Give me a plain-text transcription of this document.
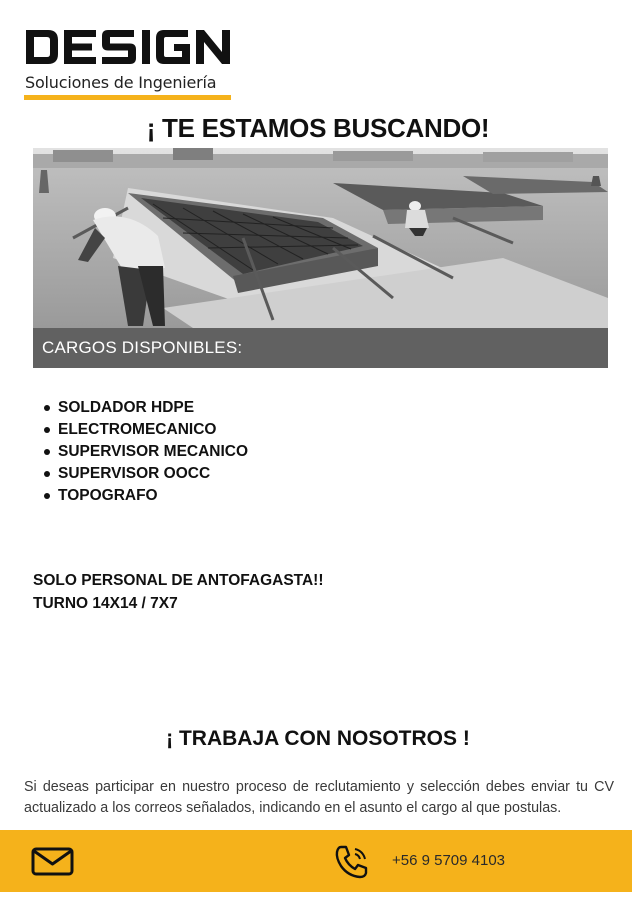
Soluciones de Ingeniería
¡ TE ESTAMOS BUSCANDO!
CARGOS DISPONIBLES:
SOLDADOR HDPE
ELECTROMECANICO
SUPERVISOR MECANICO
SUPERVISOR OOCC
TOPOGRAFO
SOLO PERSONAL DE ANTOFAGASTA!!
TURNO 14X14 / 7X7
¡ TRABAJA CON NOSOTROS !
Si deseas participar en nuestro proceso de reclutamiento y selección debes enviar tu CV actualizado a los correos señalados, indicando en el asunto el cargo al que postulas.
+56 9 5709 4103
